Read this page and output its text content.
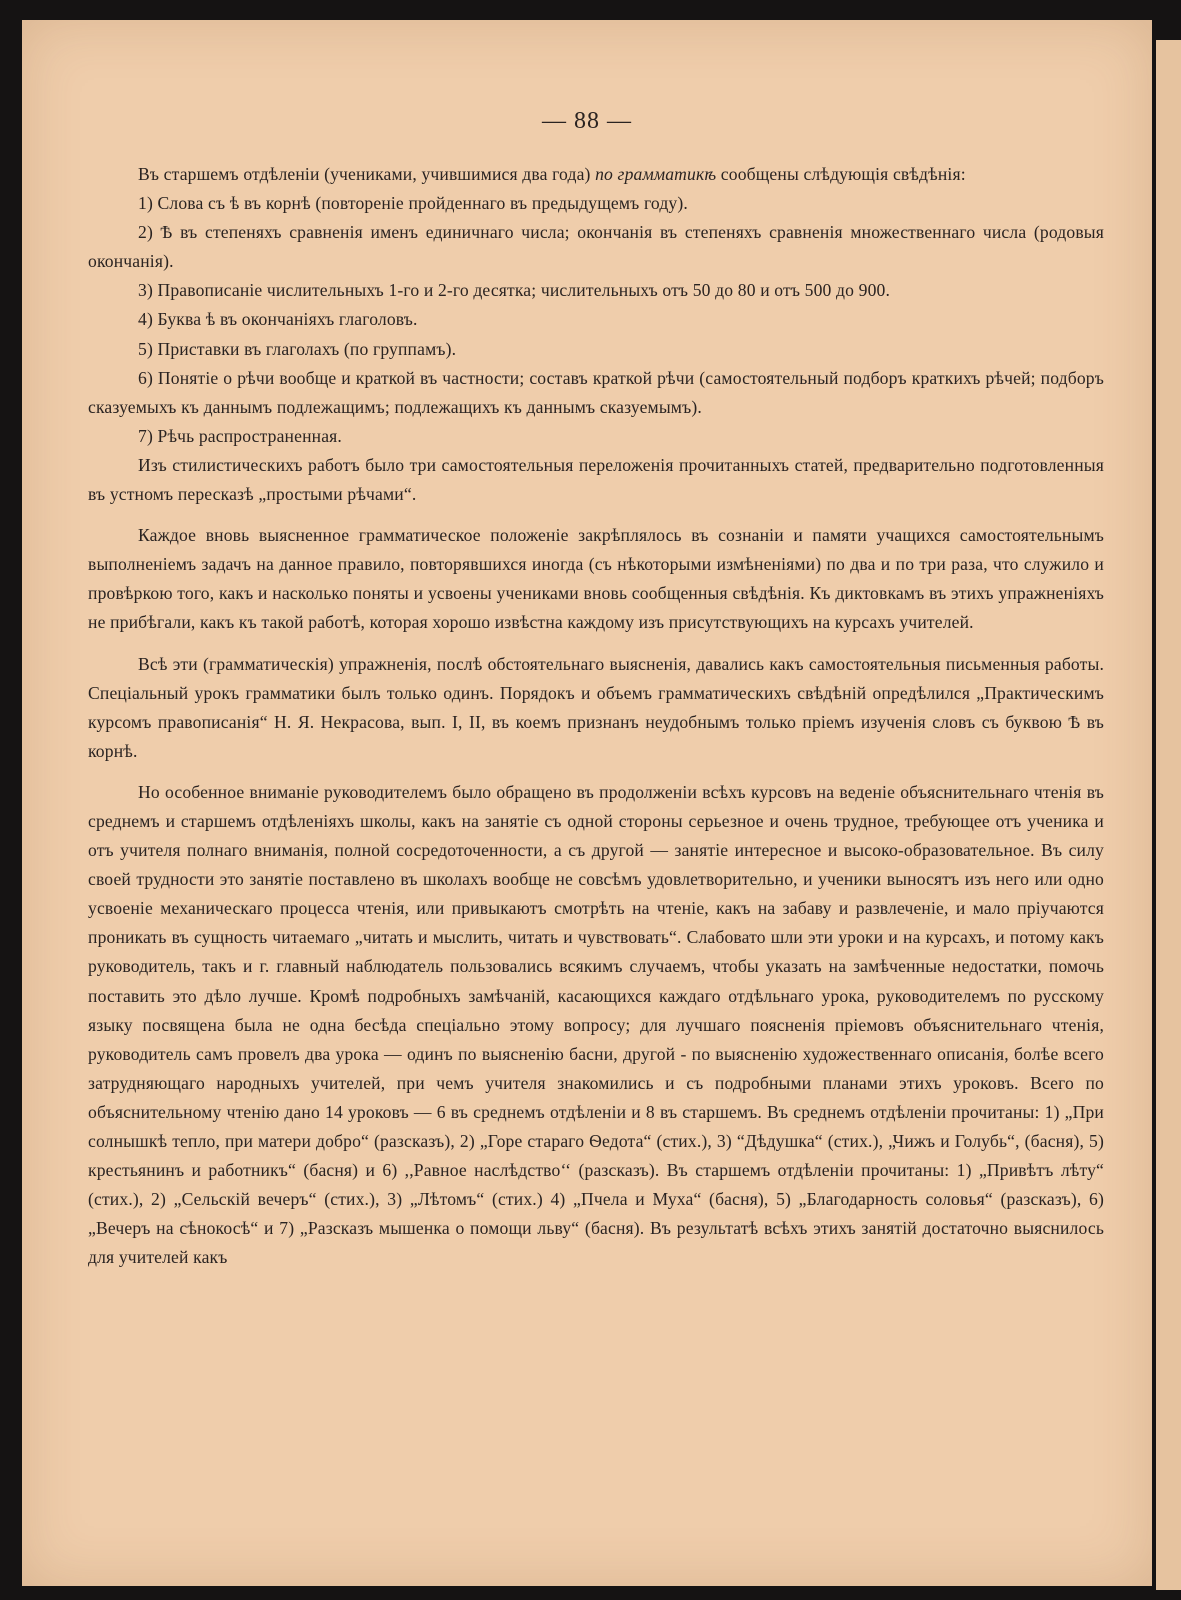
— 88 —

Въ старшемъ отдѣленіи (учениками, учившимися два года) по грамматикѣ сообщены слѣдующія свѣдѣнія:

1) Слова съ ѣ въ корнѣ (повтореніе пройденнаго въ предыдущемъ году).

2) Ѣ въ степеняхъ сравненія именъ единичнаго числа; окончанія въ степеняхъ сравненія множественнаго числа (родовыя окончанія).

3) Правописаніе числительныхъ 1-го и 2-го десятка; числительныхъ отъ 50 до 80 и отъ 500 до 900.

4) Буква ѣ въ окончаніяхъ глаголовъ.

5) Приставки въ глаголахъ (по группамъ).

6) Понятіе о рѣчи вообще и краткой въ частности; составъ краткой рѣчи (самостоятельный подборъ краткихъ рѣчей; подборъ сказуемыхъ къ даннымъ подлежащимъ; подлежащихъ къ даннымъ сказуемымъ).

7) Рѣчь распространенная.

Изъ стилистическихъ работъ было три самостоятельныя переложенія прочитанныхъ статей, предварительно подготовленныя въ устномъ пересказѣ „простыми рѣчами“.

Каждое вновь выясненное грамматическое положеніе закрѣплялось въ сознаніи и памяти учащихся самостоятельнымъ выполненіемъ задачъ на данное правило, повторявшихся иногда (съ нѣкоторыми измѣненіями) по два и по три раза, что служило и провѣркою того, какъ и насколько поняты и усвоены учениками вновь сообщенныя свѣдѣнія. Къ диктовкамъ въ этихъ упражненіяхъ не прибѣгали, какъ къ такой работѣ, которая хорошо извѣстна каждому изъ присутствующихъ на курсахъ учителей.

Всѣ эти (грамматическія) упражненія, послѣ обстоятельнаго выясненія, давались какъ самостоятельныя письменныя работы. Спеціальный урокъ грамматики былъ только одинъ. Порядокъ и объемъ грамматическихъ свѣдѣній опредѣлился „Практическимъ курсомъ правописанія“ Н. Я. Некрасова, вып. I, II, въ коемъ признанъ неудобнымъ только пріемъ изученія словъ съ буквою Ѣ въ корнѣ.

Но особенное вниманіе руководителемъ было обращено въ продолженіи всѣхъ курсовъ на веденіе объяснительнаго чтенія въ среднемъ и старшемъ отдѣленіяхъ школы, какъ на занятіе съ одной стороны серьезное и очень трудное, требующее отъ ученика и отъ учителя полнаго вниманія, полной сосредоточенности, а съ другой — занятіе интересное и высоко-образовательное. Въ силу своей трудности это занятіе поставлено въ школахъ вообще не совсѣмъ удовлетворительно, и ученики выносятъ изъ него или одно усвоеніе механическаго процесса чтенія, или привыкаютъ смотрѣть на чтеніе, какъ на забаву и развлеченіе, и мало пріучаются проникать въ сущность читаемаго „читать и мыслить, читать и чувствовать“. Слабовато шли эти уроки и на курсахъ, и потому какъ руководитель, такъ и г. главный наблюдатель пользовались всякимъ случаемъ, чтобы указать на замѣченные недостатки, помочь поставить это дѣло лучше. Кромѣ подробныхъ замѣчаній, касающихся каждаго отдѣльнаго урока, руководителемъ по русскому языку посвящена была не одна бесѣда спеціально этому вопросу; для лучшаго поясненія пріемовъ объяснительнаго чтенія, руководитель самъ провелъ два урока — одинъ по выясненію басни, другой - по выясненію художественнаго описанія, болѣе всего затрудняющаго народныхъ учителей, при чемъ учителя знакомились и съ подробными планами этихъ уроковъ. Всего по объяснительному чтенію дано 14 уроковъ — 6 въ среднемъ отдѣленіи и 8 въ старшемъ. Въ среднемъ отдѣленіи прочитаны: 1) „При солнышкѣ тепло, при матери добро“ (разсказъ), 2) „Горе стараго Ѳедота“ (стих.), 3) “Дѣдушка“ (стих.), „Чижъ и Голубь“, (басня), 5) крестьянинъ и работникъ“ (басня) и 6) ,,Равное наслѣдство‘‘ (разсказъ). Въ старшемъ отдѣленіи прочитаны: 1) „Привѣтъ лѣту“ (стих.), 2) „Сельскій вечеръ“ (стих.), 3) „Лѣтомъ“ (стих.) 4) „Пчела и Муха“ (басня), 5) „Благодарность соловья“ (разсказъ), 6) „Вечеръ на сѣнокосѣ“ и 7) „Разсказъ мышенка о помощи льву“ (басня). Въ результатѣ всѣхъ этихъ занятій достаточно выяснилось для учителей какъ
